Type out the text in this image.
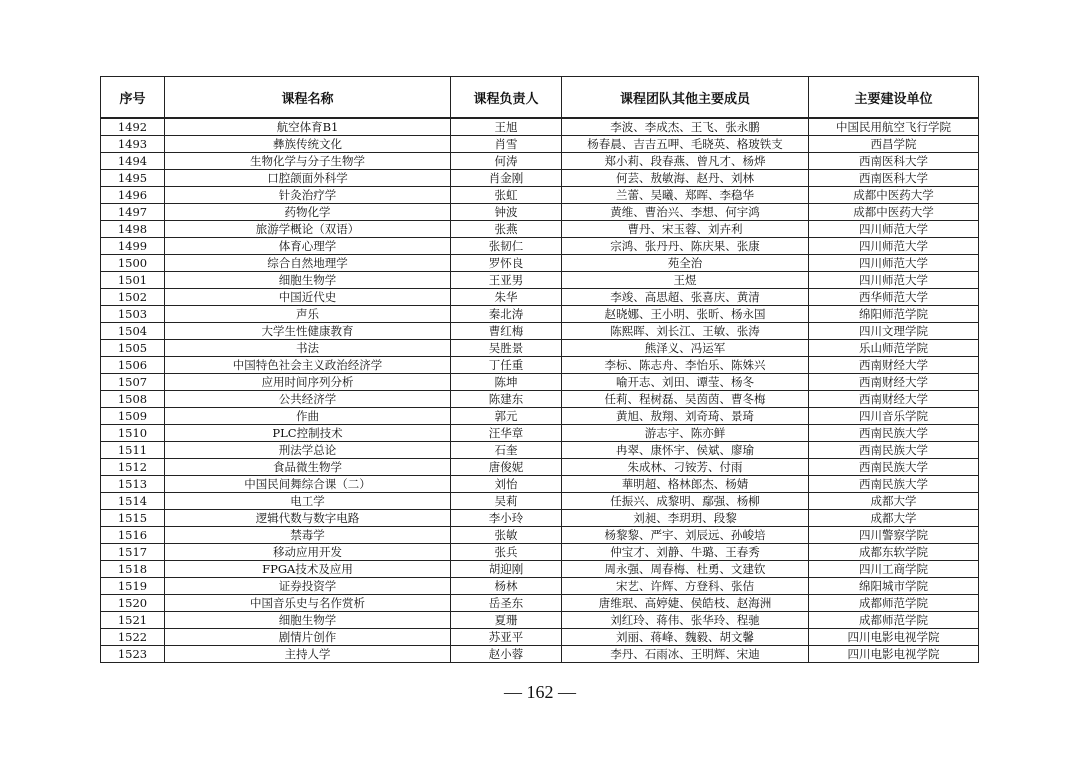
序号	课程名称	课程负责人	课程团队其他主要成员	主要建设单位
1492	航空体育B1	王旭	李波、李成杰、王飞、张永鹏	中国民用航空飞行学院
1493	彝族传统文化	肖雪	杨春晨、吉吉五呷、毛晓英、格玻铁支	西昌学院
1494	生物化学与分子生物学	何涛	郑小莉、段春燕、曾凡才、杨烨	西南医科大学
1495	口腔颌面外科学	肖金刚	何芸、敖敏海、赵丹、刘林	西南医科大学
1496	针灸治疗学	张虹	兰蕾、吴曦、郑晖、李稳华	成都中医药大学
1497	药物化学	钟波	黄维、曹治兴、李想、何宇鸿	成都中医药大学
1498	旅游学概论（双语）	张燕	曹丹、宋玉蓉、刘卉利	四川师范大学
1499	体育心理学	张韧仁	宗鸿、张丹丹、陈庆果、张康	四川师范大学
1500	综合自然地理学	罗怀良	苑全治	四川师范大学
1501	细胞生物学	王亚男	王煜	四川师范大学
1502	中国近代史	朱华	李竣、高思超、张喜庆、黄清	西华师范大学
1503	声乐	秦北涛	赵晓娜、王小明、张昕、杨永国	绵阳师范学院
1504	大学生性健康教育	曹红梅	陈熙晖、刘长江、王敏、张涛	四川文理学院
1505	书法	吴胜景	熊泽义、冯运军	乐山师范学院
1506	中国特色社会主义政治经济学	丁任重	李标、陈志舟、李怡乐、陈姝兴	西南财经大学
1507	应用时间序列分析	陈坤	喻开志、刘田、谭莹、杨冬	西南财经大学
1508	公共经济学	陈建东	任莉、程树磊、吴茵茵、曹冬梅	西南财经大学
1509	作曲	郭元	黄旭、敖翔、刘奇琦、景琦	四川音乐学院
1510	PLC控制技术	汪华章	游志宇、陈亦鲜	西南民族大学
1511	刑法学总论	石奎	冉翠、康怀宇、侯斌、廖瑜	西南民族大学
1512	食品微生物学	唐俊妮	朱成林、刁铵芳、付雨	西南民族大学
1513	中国民间舞综合课（二）	刘怡	華明超、格林郎杰、杨婧	西南民族大学
1514	电工学	吴莉	任振兴、成黎明、鄢强、杨柳	成都大学
1515	逻辑代数与数字电路	李小玲	刘昶、李玥玥、段黎	成都大学
1516	禁毒学	张敏	杨黎黎、严宇、刘辰远、孙峻培	四川警察学院
1517	移动应用开发	张兵	仲宝才、刘静、牛璐、王春秀	成都东软学院
1518	FPGA技术及应用	胡迎刚	周永强、周春梅、杜勇、文建钦	四川工商学院
1519	证券投资学	杨林	宋艺、许辉、方登科、张佶	绵阳城市学院
1520	中国音乐史与名作赏析	岳圣东	唐维珉、高婷婕、侯皓枝、赵海洲	成都师范学院
1521	细胞生物学	夏珊	刘红玲、蒋伟、张华玲、程驰	成都师范学院
1522	剧情片创作	苏亚平	刘丽、蒋峰、魏毅、胡文馨	四川电影电视学院
1523	主持人学	赵小蓉	李丹、石雨冰、王明辉、宋迪	四川电影电视学院
— 162 —
